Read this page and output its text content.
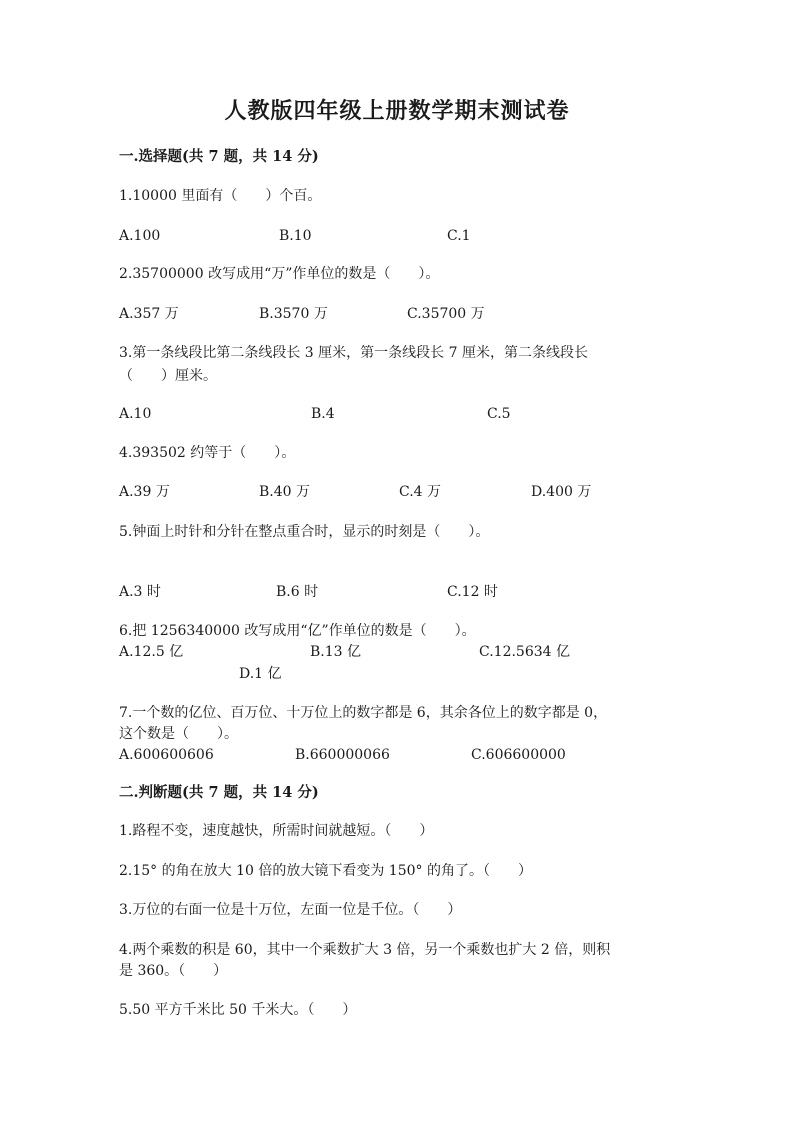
人教版四年级上册数学期末测试卷
一.选择题(共 7 题，共 14 分)
1.10000 里面有（　　）个百。
A.100	B.10	C.1
2.35700000 改写成用“万”作单位的数是（　　）。
A.357 万	B.3570 万	C.35700 万
3.第一条线段比第二条线段长 3 厘米，第一条线段长 7 厘米，第二条线段长
（　　）厘米。
A.10	B.4	C.5
4.393502 约等于（　　）。
A.39 万	B.40 万	C.4 万	D.400 万
5.钟面上时针和分针在整点重合时，显示的时刻是（　　）。
A.3 时	B.6 时	C.12 时
6.把 1256340000 改写成用“亿”作单位的数是（　　）。
A.12.5 亿	B.13 亿	C.12.5634 亿
D.1 亿
7.一个数的亿位、百万位、十万位上的数字都是 6，其余各位上的数字都是 0，
这个数是（　　）。
A.600600606	B.660000066	C.606600000
二.判断题(共 7 题，共 14 分)
1.路程不变，速度越快，所需时间就越短。（　　）
2.15° 的角在放大 10 倍的放大镜下看变为 150° 的角了。（　　）
3.万位的右面一位是十万位，左面一位是千位。（　　）
4.两个乘数的积是 60，其中一个乘数扩大 3 倍，另一个乘数也扩大 2 倍，则积
是 360。（　　）
5.50 平方千米比 50 千米大。（　　）
